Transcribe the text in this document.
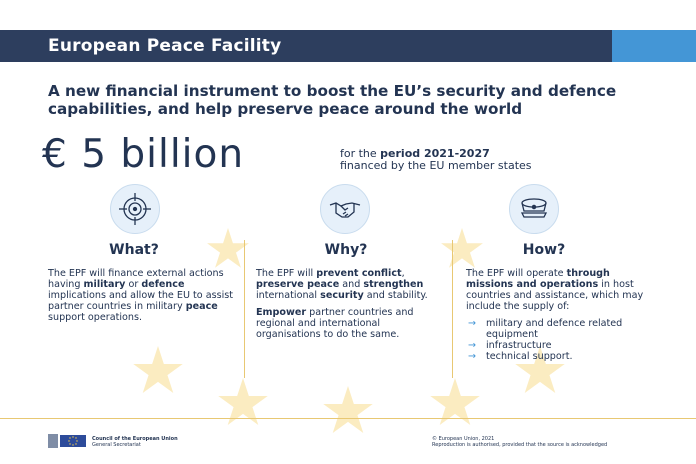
European Peace Facility
A new financial instrument to boost the EU’s security and defence capabilities, and help preserve peace around the world
€ 5 billion	for the period 2021-2027
financed by the EU member states
What?	Why?	How?

The EPF will finance external actions having military or defence implications and allow the EU to assist partner countries in military peace support operations.

The EPF will prevent conflict, preserve peace and strengthen international security and stability.

Empower partner countries and regional and international organisations to do the same.

The EPF will operate through missions and operations in host countries and assistance, which may include the supply of:

→ military and defence related equipment
→ infrastructure
→ technical support.
Council of the European Union
General Secretariat
© European Union, 2021
Reproduction is authorised, provided that the source is acknowledged
